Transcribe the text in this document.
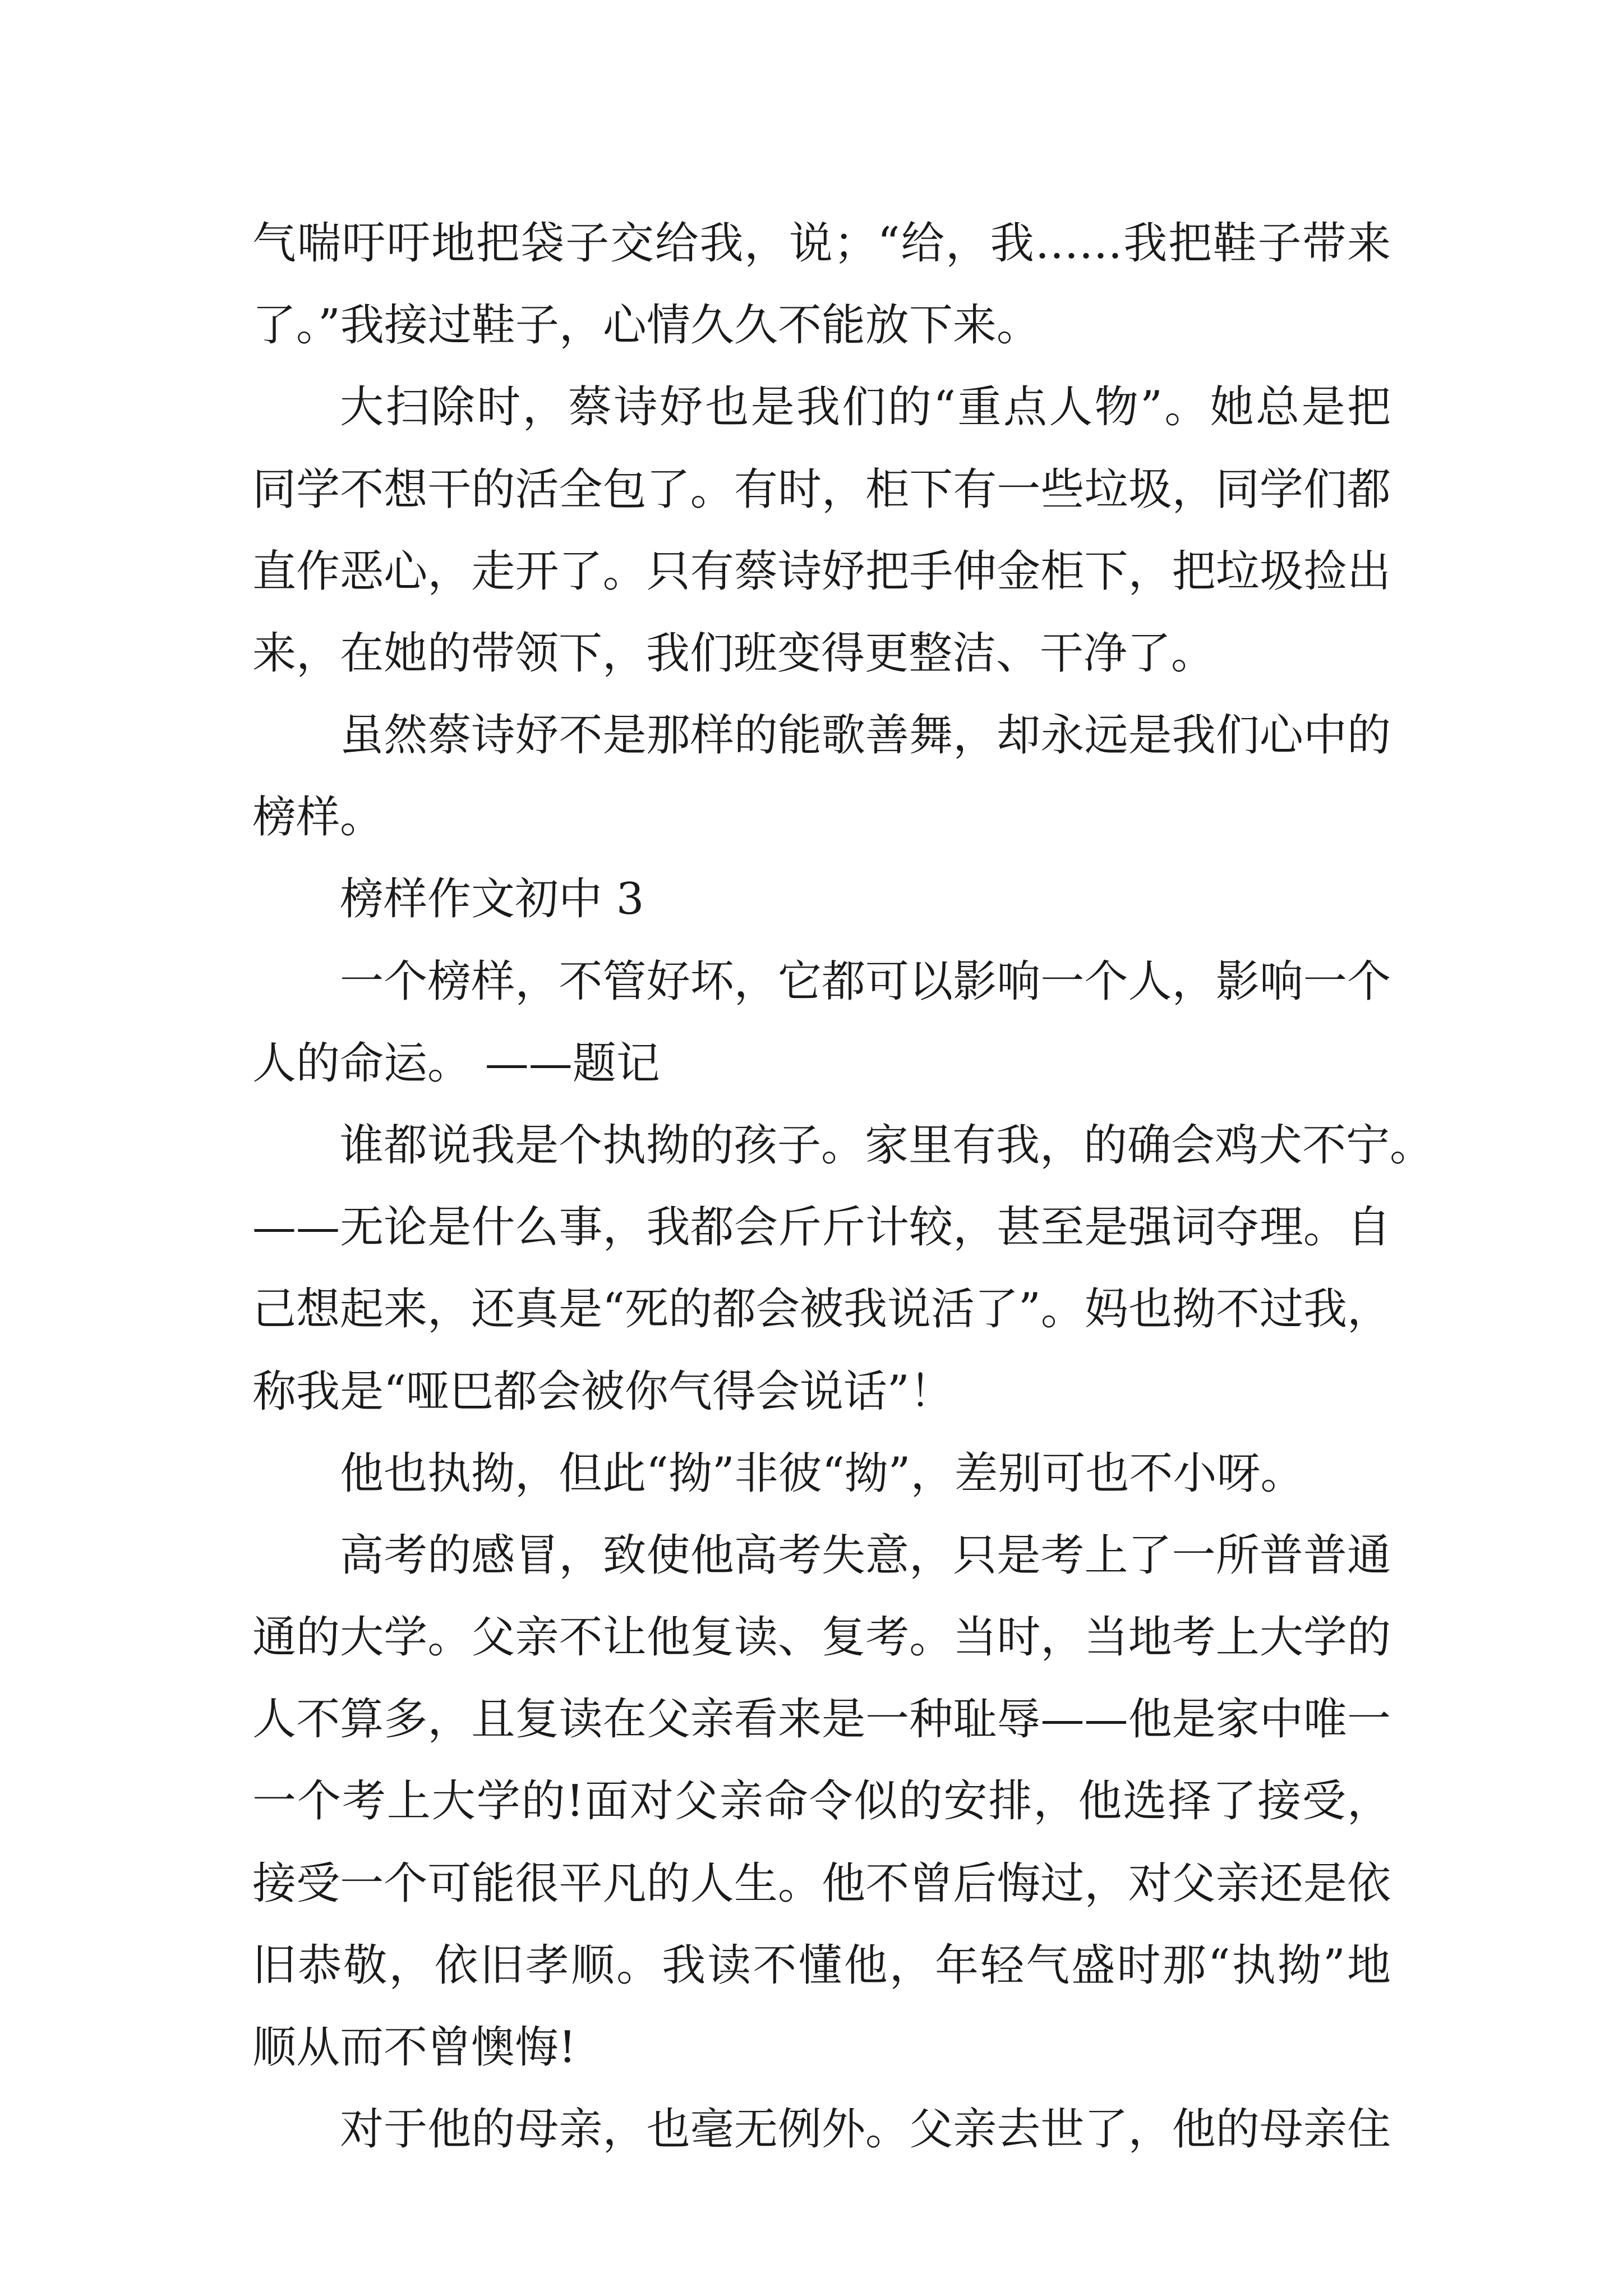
气喘吁吁地把袋子交给我，说；“给，我……我把鞋子带来
了。”我接过鞋子，心情久久不能放下来。
大扫除时，蔡诗妤也是我们的“重点人物”。她总是把
同学不想干的活全包了。有时，柜下有一些垃圾，同学们都
直作恶心，走开了。只有蔡诗妤把手伸金柜下，把垃圾捡出
来，在她的带领下，我们班变得更整洁、干净了。
虽然蔡诗妤不是那样的能歌善舞，却永远是我们心中的
榜样。
榜样作文初中 3
一个榜样，不管好坏，它都可以影响一个人，影响一个
人的命运。 ——题记
谁都说我是个执拗的孩子。家里有我，的确会鸡犬不宁。
——无论是什么事，我都会斤斤计较，甚至是强词夺理。自
己想起来，还真是“死的都会被我说活了”。妈也拗不过我，
称我是“哑巴都会被你气得会说话”！
他也执拗，但此“拗”非彼“拗”，差别可也不小呀。
高考的感冒，致使他高考失意，只是考上了一所普普通
通的大学。父亲不让他复读、复考。当时，当地考上大学的
人不算多，且复读在父亲看来是一种耻辱——他是家中唯一
一个考上大学的!面对父亲命令似的安排，他选择了接受，
接受一个可能很平凡的人生。他不曾后悔过，对父亲还是依
旧恭敬，依旧孝顺。我读不懂他，年轻气盛时那“执拗”地
顺从而不曾懊悔!
对于他的母亲，也毫无例外。父亲去世了，他的母亲住
